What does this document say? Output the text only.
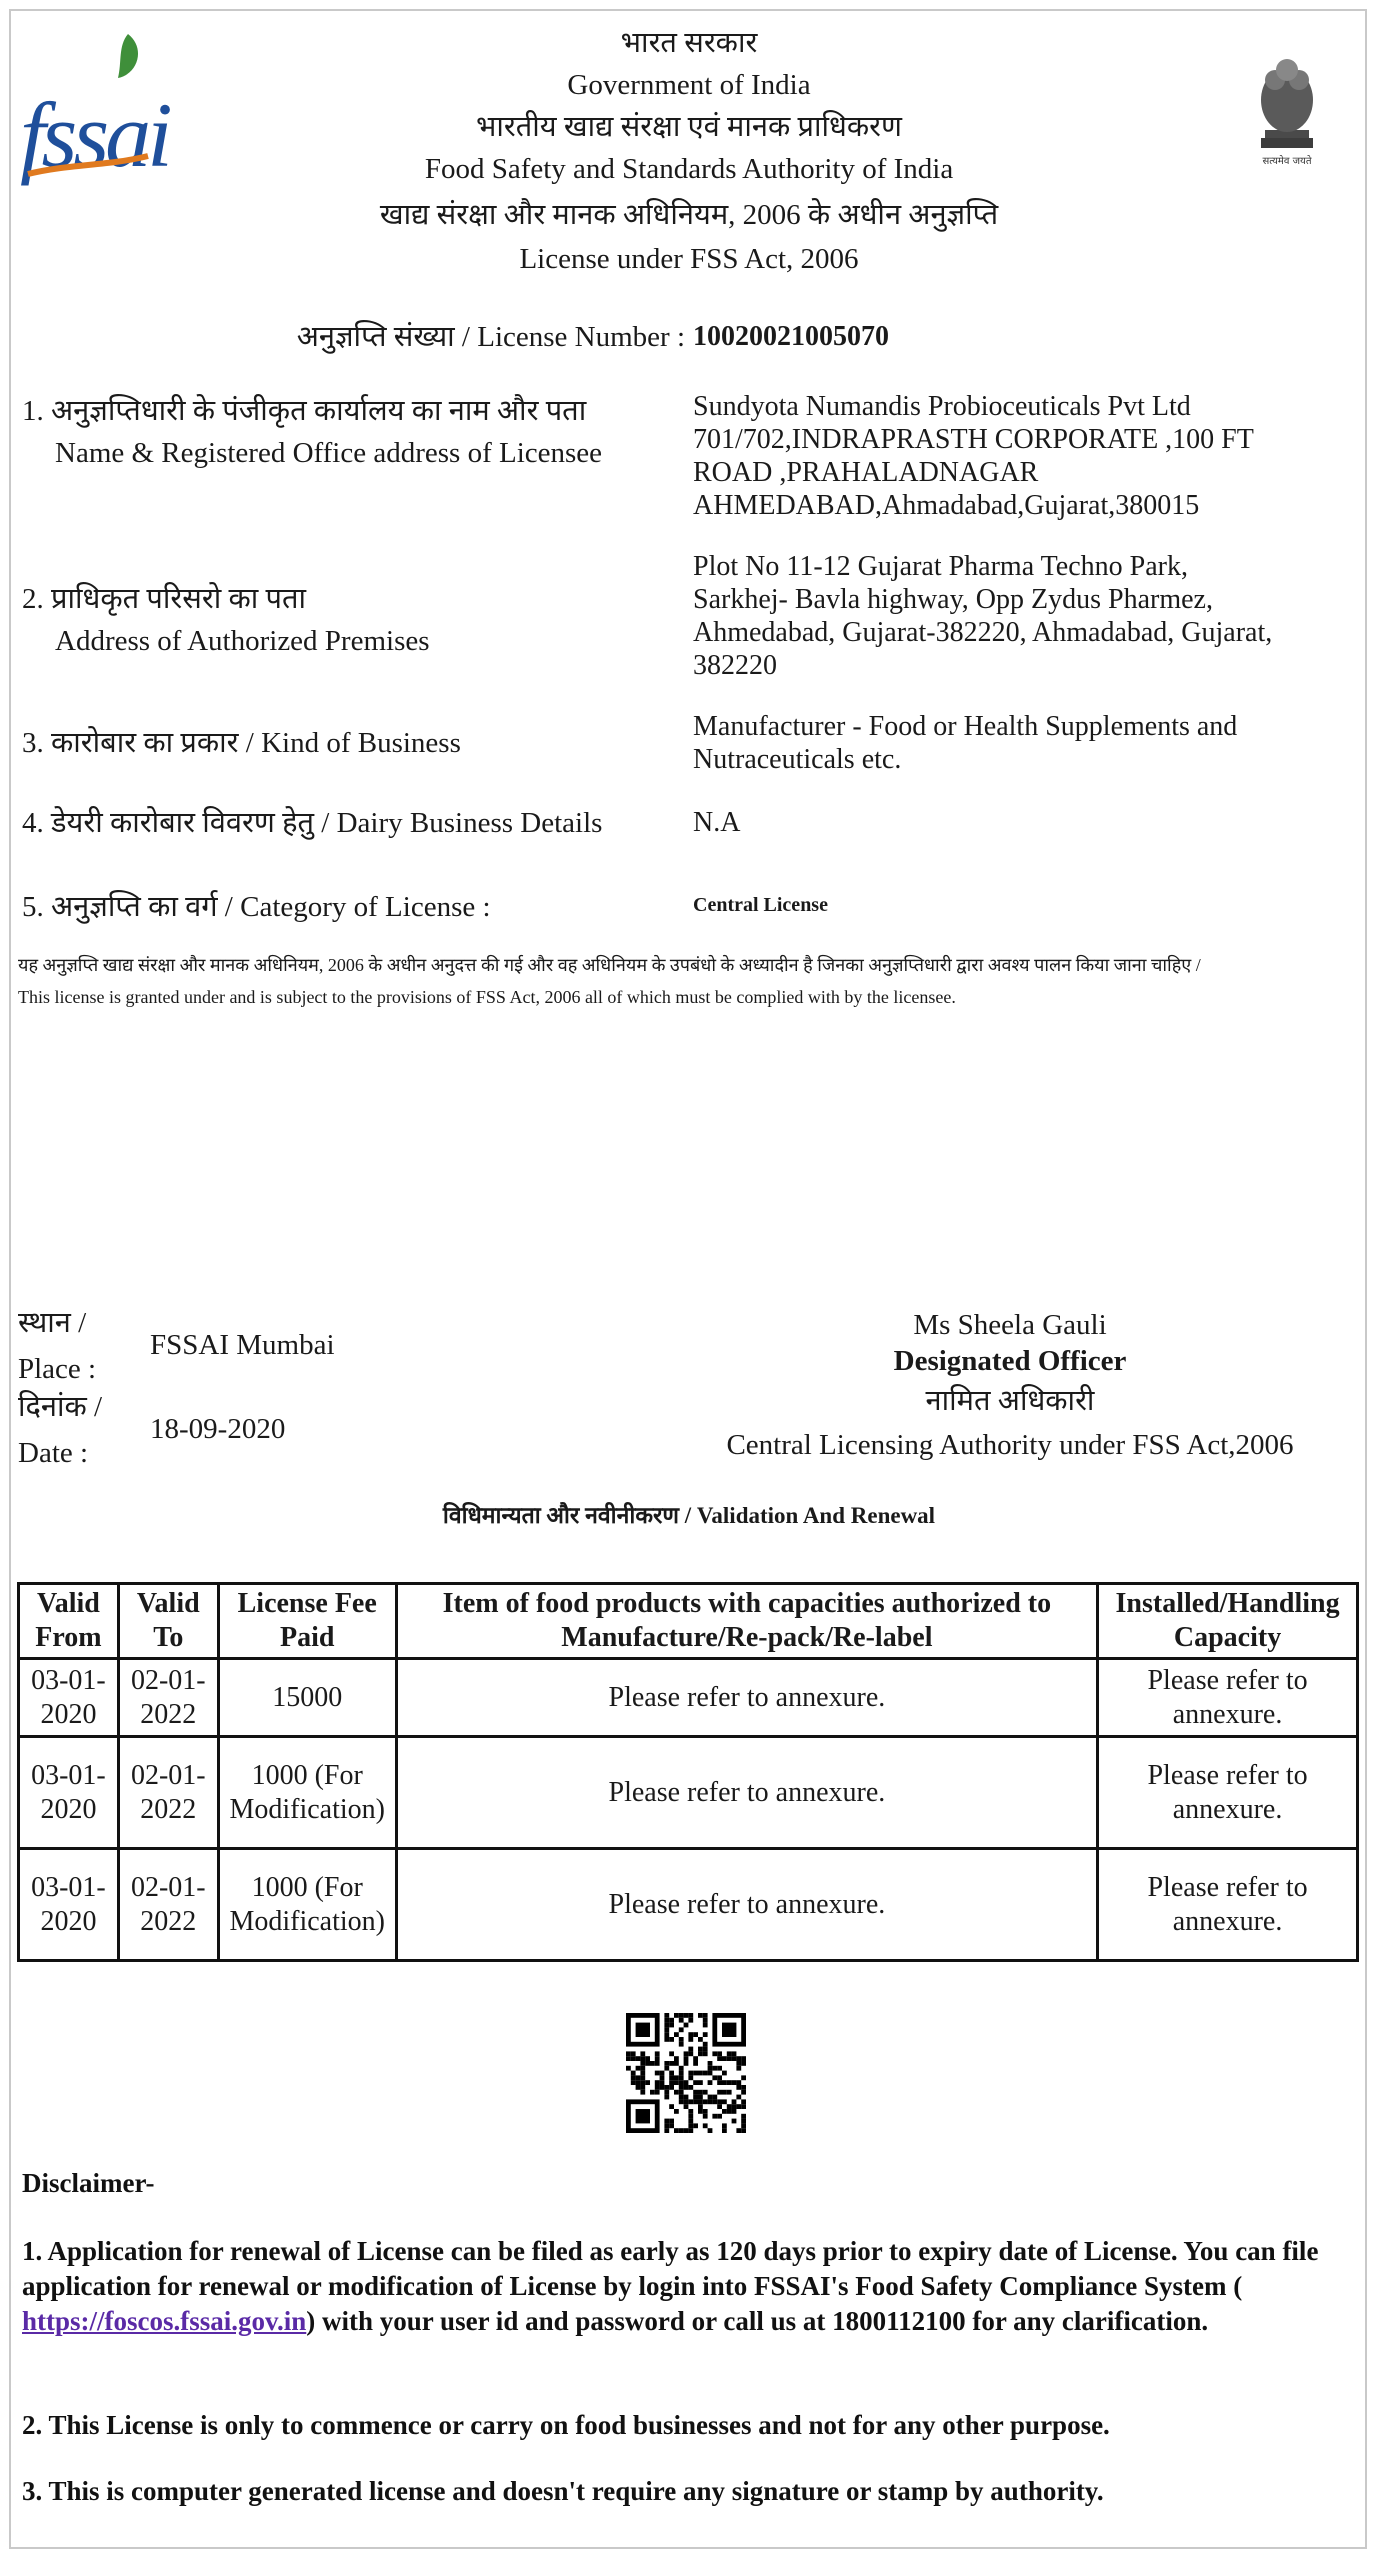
fssai	सत्यमेव जयते
भारत सरकार
Government of India
भारतीय खाद्य संरक्षा एवं मानक प्राधिकरण
Food Safety and Standards Authority of India
खाद्य संरक्षा और मानक अधिनियम, 2006 के अधीन अनुज्ञप्ति
License under FSS Act, 2006
अनुज्ञप्ति संख्या / License Number : 10020021005070
1. अनुज्ञप्तिधारी के पंजीकृत कार्यालय का नाम और पता
Name & Registered Office address of Licensee
Sundyota Numandis Probioceuticals Pvt Ltd
701/702,INDRAPRASTH CORPORATE ,100 FT
ROAD ,PRAHALADNAGAR
AHMEDABAD,Ahmadabad,Gujarat,380015
2. प्राधिकृत परिसरो का पता
Address of Authorized Premises
Plot No 11-12 Gujarat Pharma Techno Park,
Sarkhej- Bavla highway, Opp Zydus Pharmez,
Ahmedabad, Gujarat-382220, Ahmadabad, Gujarat,
382220
3. कारोबार का प्रकार / Kind of Business
Manufacturer - Food or Health Supplements and
Nutraceuticals etc.
4. डेयरी कारोबार विवरण हेतु / Dairy Business Details	N.A
5. अनुज्ञप्ति का वर्ग / Category of License :	Central License
यह अनुज्ञप्ति खाद्य संरक्षा और मानक अधिनियम, 2006 के अधीन अनुदत्त की गई और वह अधिनियम के उपबंधो के अध्यादीन है जिनका अनुज्ञप्तिधारी द्वारा अवश्य पालन किया जाना चाहिए /
This license is granted under and is subject to the provisions of FSS Act, 2006 all of which must be complied with by the licensee.
स्थान /
Place :
FSSAI Mumbai
दिनांक /
Date :
18-09-2020
Ms Sheela Gauli
Designated Officer
नामित अधिकारी
Central Licensing Authority under FSS Act,2006
विधिमान्यता और नवीनीकरण / Validation And Renewal
Valid From	Valid To	License Fee Paid	Item of food products with capacities authorized to Manufacture/Re-pack/Re-label	Installed/Handling Capacity
03-01-2020	02-01-2022	15000	Please refer to annexure.	Please refer to annexure.
03-01-2020	02-01-2022	1000 (For Modification)	Please refer to annexure.	Please refer to annexure.
03-01-2020	02-01-2022	1000 (For Modification)	Please refer to annexure.	Please refer to annexure.
Disclaimer-
1. Application for renewal of License can be filed as early as 120 days prior to expiry date of License. You can file application for renewal or modification of License by login into FSSAI's Food Safety Compliance System ( https://foscos.fssai.gov.in) with your user id and password or call us at 1800112100 for any clarification.
2. This License is only to commence or carry on food businesses and not for any other purpose.
3. This is computer generated license and doesn't require any signature or stamp by authority.
